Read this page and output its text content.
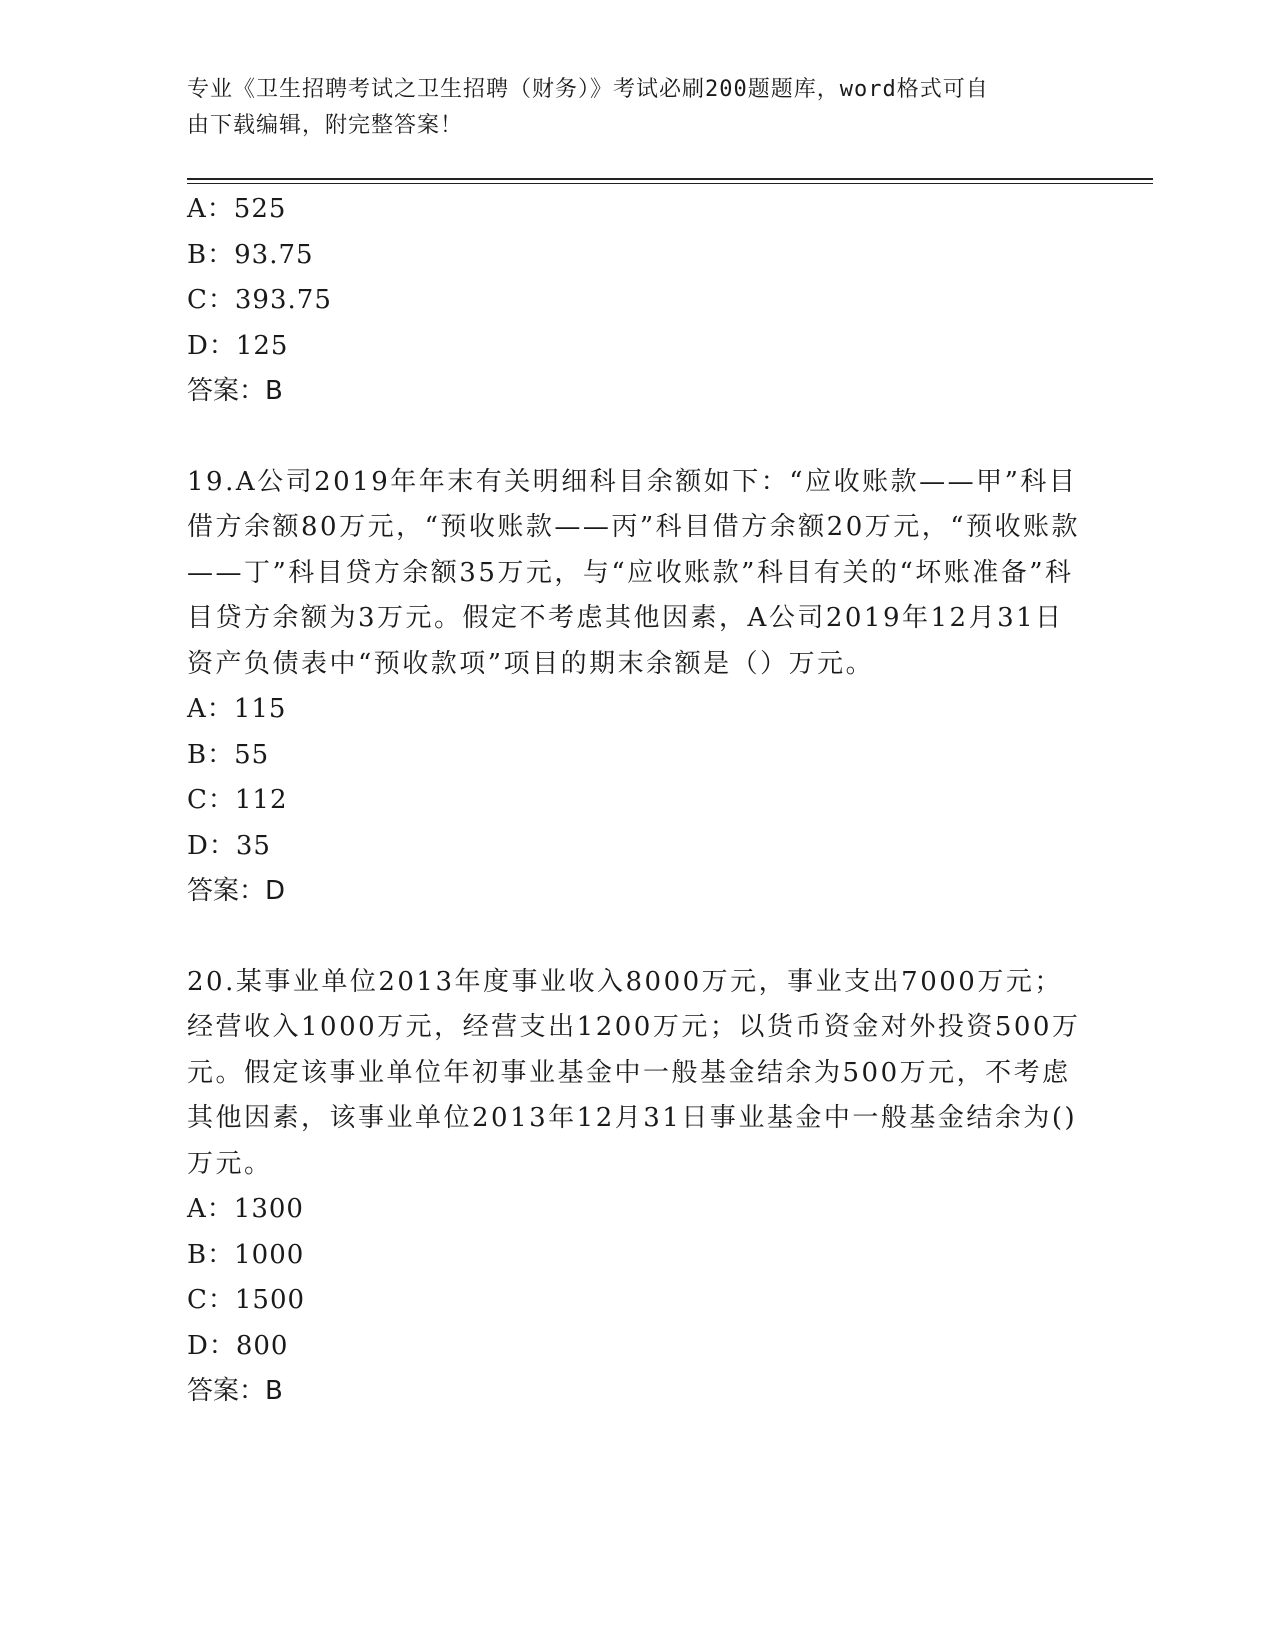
专业《卫生招聘考试之卫生招聘（财务）》考试必刷200题题库，word格式可自
由下载编辑，附完整答案！
A：525
B：93.75
C：393.75
D：125
答案：B
19.A公司2019年年末有关明细科目余额如下：“应收账款——甲”科目借方余额80万元，“预收账款——丙”科目借方余额20万元，“预收账款——丁”科目贷方余额35万元，与“应收账款”科目有关的“坏账准备”科目贷方余额为3万元。假定不考虑其他因素，A公司2019年12月31日资产负债表中“预收款项”项目的期末余额是（）万元。
A：115
B：55
C：112
D：35
答案：D
20.某事业单位2013年度事业收入8000万元，事业支出7000万元；经营收入1000万元，经营支出1200万元；以货币资金对外投资500万元。假定该事业单位年初事业基金中一般基金结余为500万元，不考虑其他因素，该事业单位2013年12月31日事业基金中一般基金结余为()万元。
A：1300
B：1000
C：1500
D：800
答案：B
